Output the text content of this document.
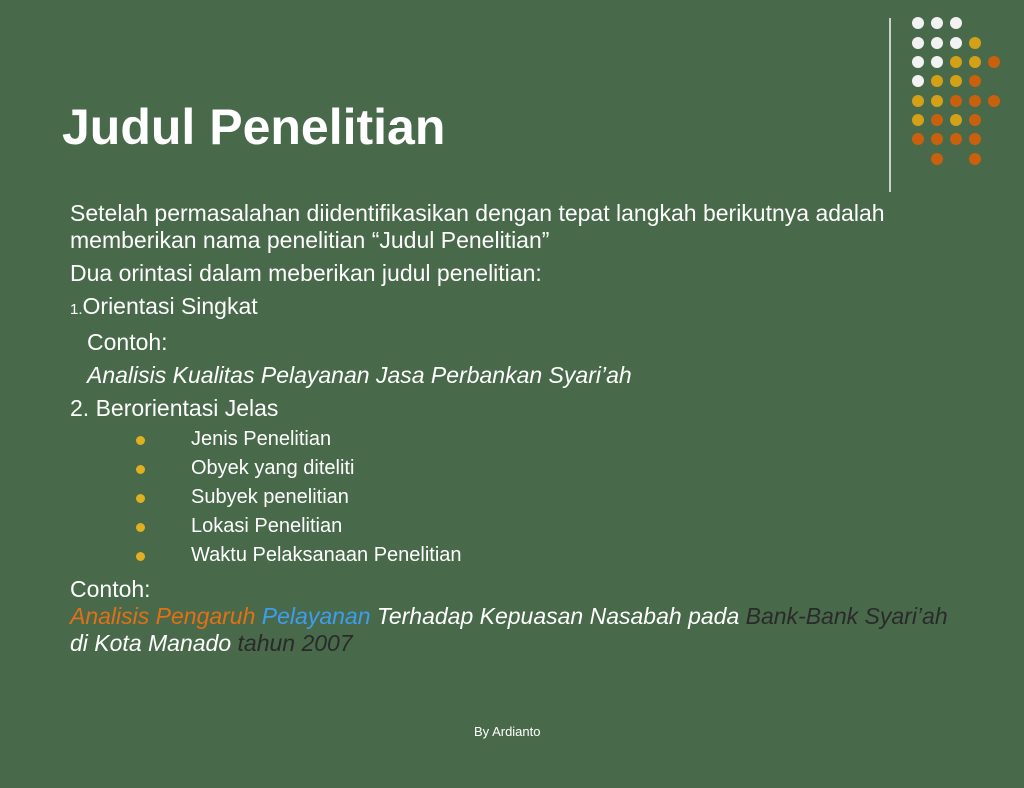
Judul Penelitian

Setelah permasalahan diidentifikasikan dengan tepat langkah berikutnya adalah memberikan nama penelitian “Judul Penelitian”

Dua orintasi dalam meberikan judul penelitian:

1.Orientasi Singkat

Contoh:

Analisis Kualitas Pelayanan Jasa Perbankan Syari’ah

2. Berorientasi Jelas

Jenis Penelitian
Obyek yang diteliti
Subyek penelitian
Lokasi Penelitian
Waktu Pelaksanaan Penelitian

Contoh:

Analisis Pengaruh Pelayanan Terhadap Kepuasan Nasabah pada Bank-Bank Syari’ah di Kota Manado tahun 2007

By Ardianto
